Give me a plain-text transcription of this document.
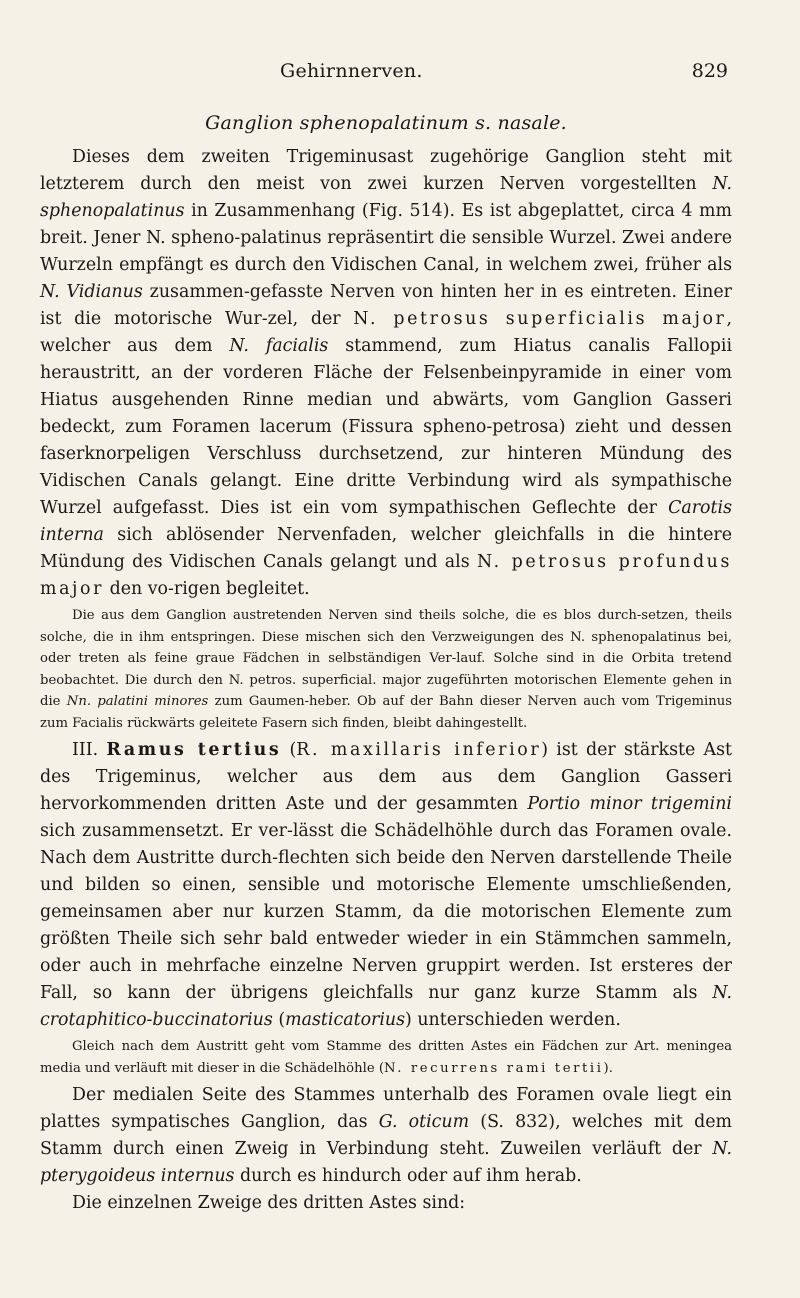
Gehirnnerven.	829
Ganglion sphenopalatinum s. nasale.

Dieses dem zweiten Trigeminusast zugehörige Ganglion steht mit letzterem durch den meist von zwei kurzen Nerven vorgestellten N. sphenopalatinus in Zusammenhang (Fig. 514). Es ist abgeplattet, circa 4 mm breit. Jener N. spheno-palatinus repräsentirt die sensible Wurzel. Zwei andere Wurzeln empfängt es durch den Vidischen Canal, in welchem zwei, früher als N. Vidianus zusammen-gefasste Nerven von hinten her in es eintreten. Einer ist die motorische Wur-zel, der N. petrosus superficialis major, welcher aus dem N. facialis stammend, zum Hiatus canalis Fallopii heraustritt, an der vorderen Fläche der Felsenbeinpyramide in einer vom Hiatus ausgehenden Rinne median und abwärts, vom Ganglion Gasseri bedeckt, zum Foramen lacerum (Fissura spheno-petrosa) zieht und dessen faserknorpeligen Verschluss durchsetzend, zur hinteren Mündung des Vidischen Canals gelangt. Eine dritte Verbindung wird als sympathische Wurzel aufgefasst. Dies ist ein vom sympathischen Geflechte der Carotis interna sich ablösender Nervenfaden, welcher gleichfalls in die hintere Mündung des Vidischen Canals gelangt und als N. petrosus profundus major den vo-rigen begleitet.

Die aus dem Ganglion austretenden Nerven sind theils solche, die es blos durch-setzen, theils solche, die in ihm entspringen. Diese mischen sich den Verzweigungen des N. sphenopalatinus bei, oder treten als feine graue Fädchen in selbständigen Ver-lauf. Solche sind in die Orbita tretend beobachtet. Die durch den N. petros. superficial. major zugeführten motorischen Elemente gehen in die Nn. palatini minores zum Gaumen-heber. Ob auf der Bahn dieser Nerven auch vom Trigeminus zum Facialis rückwärts geleitete Fasern sich finden, bleibt dahingestellt.

III. Ramus tertius (R. maxillaris inferior) ist der stärkste Ast des Trigeminus, welcher aus dem aus dem Ganglion Gasseri hervorkommenden dritten Aste und der gesammten Portio minor trigemini sich zusammensetzt. Er ver-lässt die Schädelhöhle durch das Foramen ovale. Nach dem Austritte durch-flechten sich beide den Nerven darstellende Theile und bilden so einen, sensible und motorische Elemente umschließenden, gemeinsamen aber nur kurzen Stamm, da die motorischen Elemente zum größten Theile sich sehr bald entweder wieder in ein Stämmchen sammeln, oder auch in mehrfache einzelne Nerven gruppirt werden. Ist ersteres der Fall, so kann der übrigens gleichfalls nur ganz kurze Stamm als N. crotaphitico-buccinatorius (masticatorius) unterschieden werden.

Gleich nach dem Austritt geht vom Stamme des dritten Astes ein Fädchen zur Art. meningea media und verläuft mit dieser in die Schädelhöhle (N. recurrens rami tertii).

Der medialen Seite des Stammes unterhalb des Foramen ovale liegt ein plattes sympatisches Ganglion, das G. oticum (S. 832), welches mit dem Stamm durch einen Zweig in Verbindung steht. Zuweilen verläuft der N. pterygoideus internus durch es hindurch oder auf ihm herab.

Die einzelnen Zweige des dritten Astes sind:
